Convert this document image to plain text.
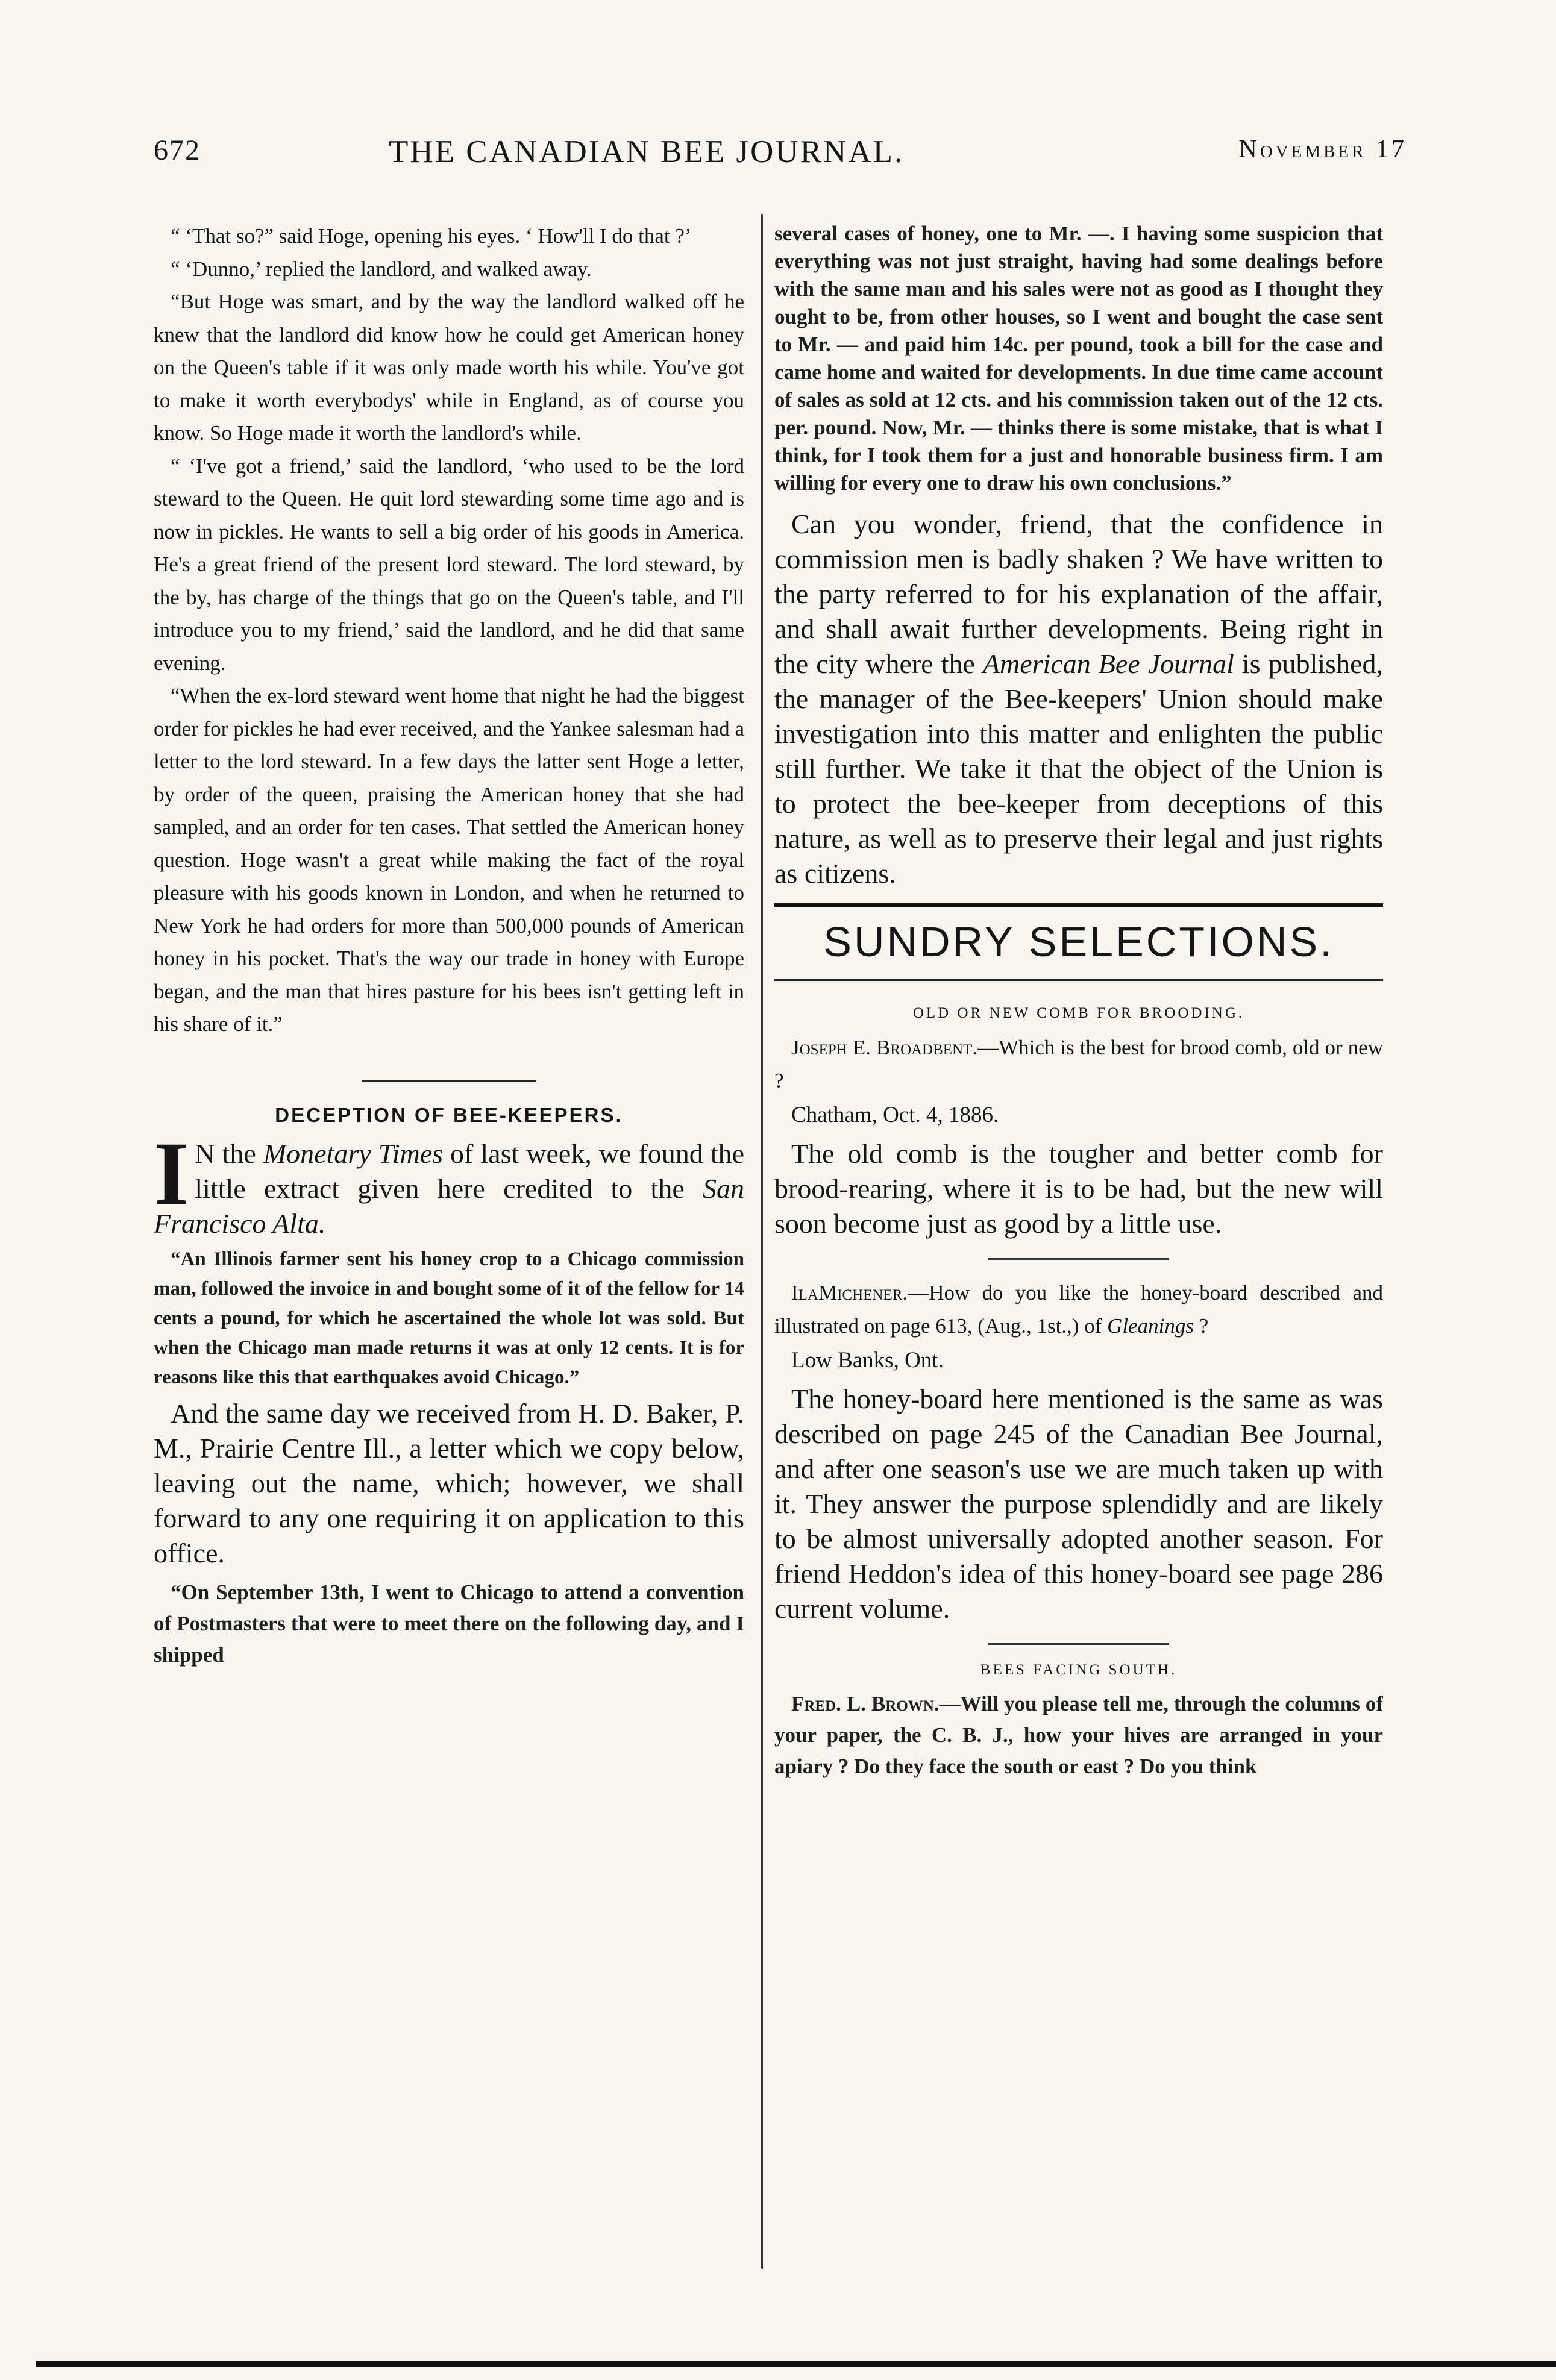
672	THE CANADIAN BEE JOURNAL.	November 17

“ ‘That so?” said Hoge, opening his eyes. ‘ How'll I do that ?’

“ ‘Dunno,’ replied the landlord, and walked away.

“But Hoge was smart, and by the way the landlord walked off he knew that the landlord did know how he could get American honey on the Queen's table if it was only made worth his while. You've got to make it worth everybodys' while in England, as of course you know. So Hoge made it worth the landlord's while.

“ ‘I've got a friend,’ said the landlord, ‘who used to be the lord steward to the Queen. He quit lord stewarding some time ago and is now in pickles. He wants to sell a big order of his goods in America. He's a great friend of the present lord steward. The lord steward, by the by, has charge of the things that go on the Queen's table, and I'll introduce you to my friend,’ said the landlord, and he did that same evening.

“When the ex-lord steward went home that night he had the biggest order for pickles he had ever received, and the Yankee salesman had a letter to the lord steward. In a few days the latter sent Hoge a letter, by order of the queen, praising the American honey that she had sampled, and an order for ten cases. That settled the American honey question. Hoge wasn't a great while making the fact of the royal pleasure with his goods known in London, and when he returned to New York he had orders for more than 500,000 pounds of American honey in his pocket. That's the way our trade in honey with Europe began, and the man that hires pasture for his bees isn't getting left in his share of it.”

DECEPTION OF BEE-KEEPERS.
I N the Monetary Times of last week, we found the little extract given here credited to the San Francisco Alta.

“An Illinois farmer sent his honey crop to a Chicago commission man, followed the invoice in and bought some of it of the fellow for 14 cents a pound, for which he ascertained the whole lot was sold. But when the Chicago man made returns it was at only 12 cents. It is for reasons like this that earthquakes avoid Chicago.”

And the same day we received from H. D. Baker, P. M., Prairie Centre Ill., a letter which we copy below, leaving out the name, which; however, we shall forward to any one requiring it on application to this office.

“On September 13th, I went to Chicago to attend a convention of Postmasters that were to meet there on the following day, and I shipped

several cases of honey, one to Mr. —. I having some suspicion that everything was not just straight, having had some dealings before with the same man and his sales were not as good as I thought they ought to be, from other houses, so I went and bought the case sent to Mr. — and paid him 14c. per pound, took a bill for the case and came home and waited for developments. In due time came account of sales as sold at 12 cts. and his commission taken out of the 12 cts. per. pound. Now, Mr. — thinks there is some mistake, that is what I think, for I took them for a just and honorable business firm. I am willing for every one to draw his own conclusions.”

Can you wonder, friend, that the confidence in commission men is badly shaken ? We have written to the party referred to for his explanation of the affair, and shall await further developments. Being right in the city where the American Bee Journal is published, the manager of the Bee-keepers' Union should make investigation into this matter and enlighten the public still further. We take it that the object of the Union is to protect the bee-keeper from deceptions of this nature, as well as to preserve their legal and just rights as citizens.

SUNDRY SELECTIONS.
OLD OR NEW COMB FOR BROODING.

Joseph E. Broadbent.—Which is the best for brood comb, old or new ?

Chatham, Oct. 4, 1886.

The old comb is the tougher and better comb for brood-rearing, where it is to be had, but the new will soon become just as good by a little use.

IlaMichener.—How do you like the honey-board described and illustrated on page 613, (Aug., 1st.,) of Gleanings ?

Low Banks, Ont.

The honey-board here mentioned is the same as was described on page 245 of the Canadian Bee Journal, and after one season's use we are much taken up with it. They answer the purpose splendidly and are likely to be almost universally adopted another season. For friend Heddon's idea of this honey-board see page 286 current volume.

BEES FACING SOUTH.

Fred. L. Brown.—Will you please tell me, through the columns of your paper, the C. B. J., how your hives are arranged in your apiary ? Do they face the south or east ? Do you think
